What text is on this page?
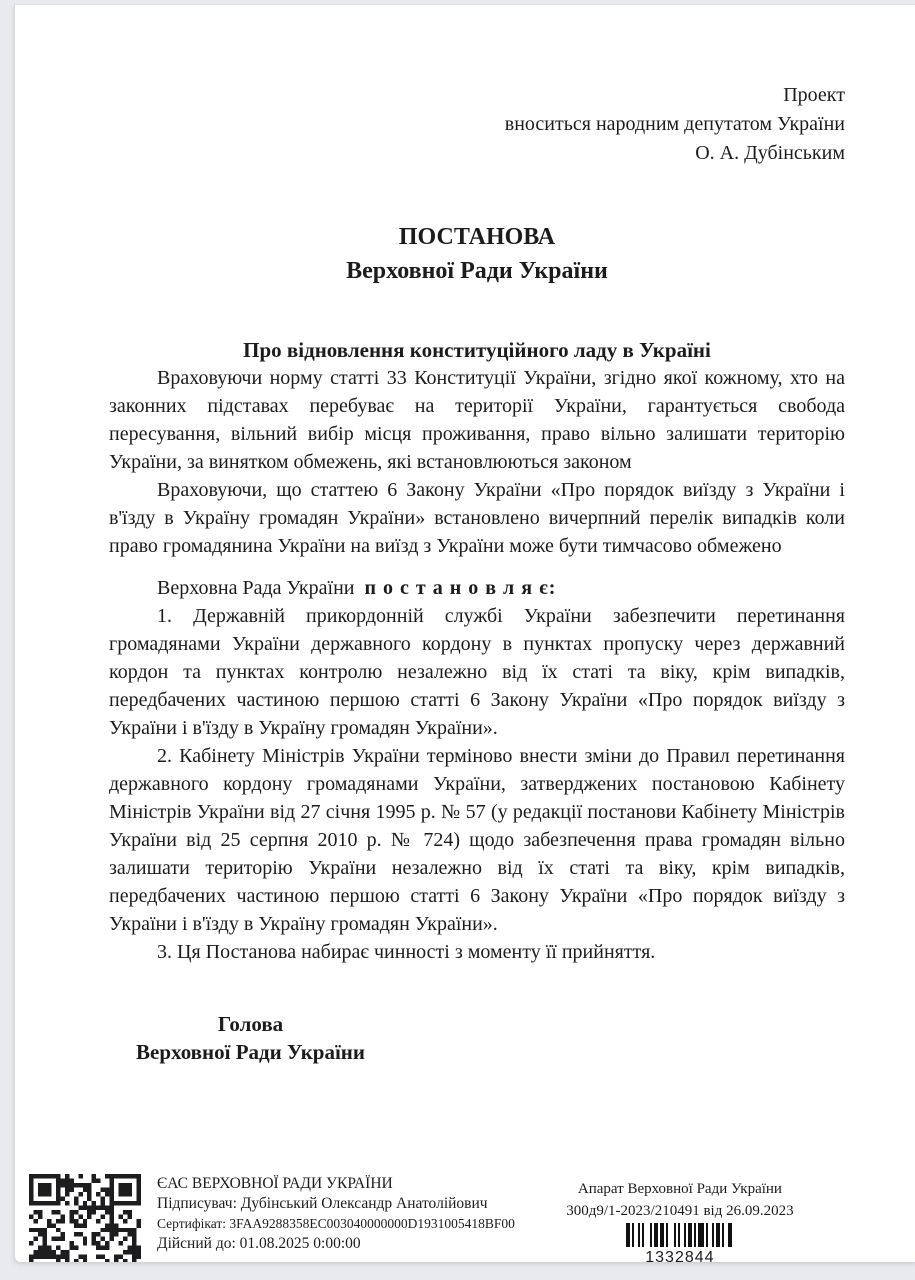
Проект
вноситься народним депутатом України
О. А. Дубінським
ПОСТАНОВА
Верховної Ради України
Про відновлення конституційного ладу в Україні

Враховуючи норму статті 33 Конституції України, згідно якої кожному, хто на законних підставах перебуває на території України, гарантується свобода пересування, вільний вибір місця проживання, право вільно залишати територію України, за винятком обмежень, які встановлюються законом

Враховуючи, що статтею 6 Закону України «Про порядок виїзду з України і в'їзду в Україну громадян України» встановлено вичерпний перелік випадків коли право громадянина України на виїзд з України може бути тимчасово обмежено

Верховна Рада України п о с т а н о в л я є:

1. Державній прикордонній службі України забезпечити перетинання громадянами України державного кордону в пунктах пропуску через державний кордон та пунктах контролю незалежно від їх статі та віку, крім випадків, передбачених частиною першою статті 6 Закону України «Про порядок виїзду з України і в'їзду в Україну громадян України».

2. Кабінету Міністрів України терміново внести зміни до Правил перетинання державного кордону громадянами України, затверджених постановою Кабінету Міністрів України від 27 січня 1995 р. № 57 (у редакції постанови Кабінету Міністрів України від 25 серпня 2010 р. № 724) щодо забезпечення права громадян вільно залишати територію України незалежно від їх статі та віку, крім випадків, передбачених частиною першою статті 6 Закону України «Про порядок виїзду з України і в'їзду в Україну громадян України».

3. Ця Постанова набирає чинності з моменту її прийняття.

Голова
Верховної Ради України
ЄАС ВЕРХОВНОЇ РАДИ УКРАЇНИ
Підписувач: Дубінський Олександр Анатолійович
Сертифікат: 3FAA9288358EC003040000000D1931005418BF00
Дійсний до: 01.08.2025 0:00:00
Апарат Верховної Ради України
300д9/1-2023/210491 від 26.09.2023
1332844
